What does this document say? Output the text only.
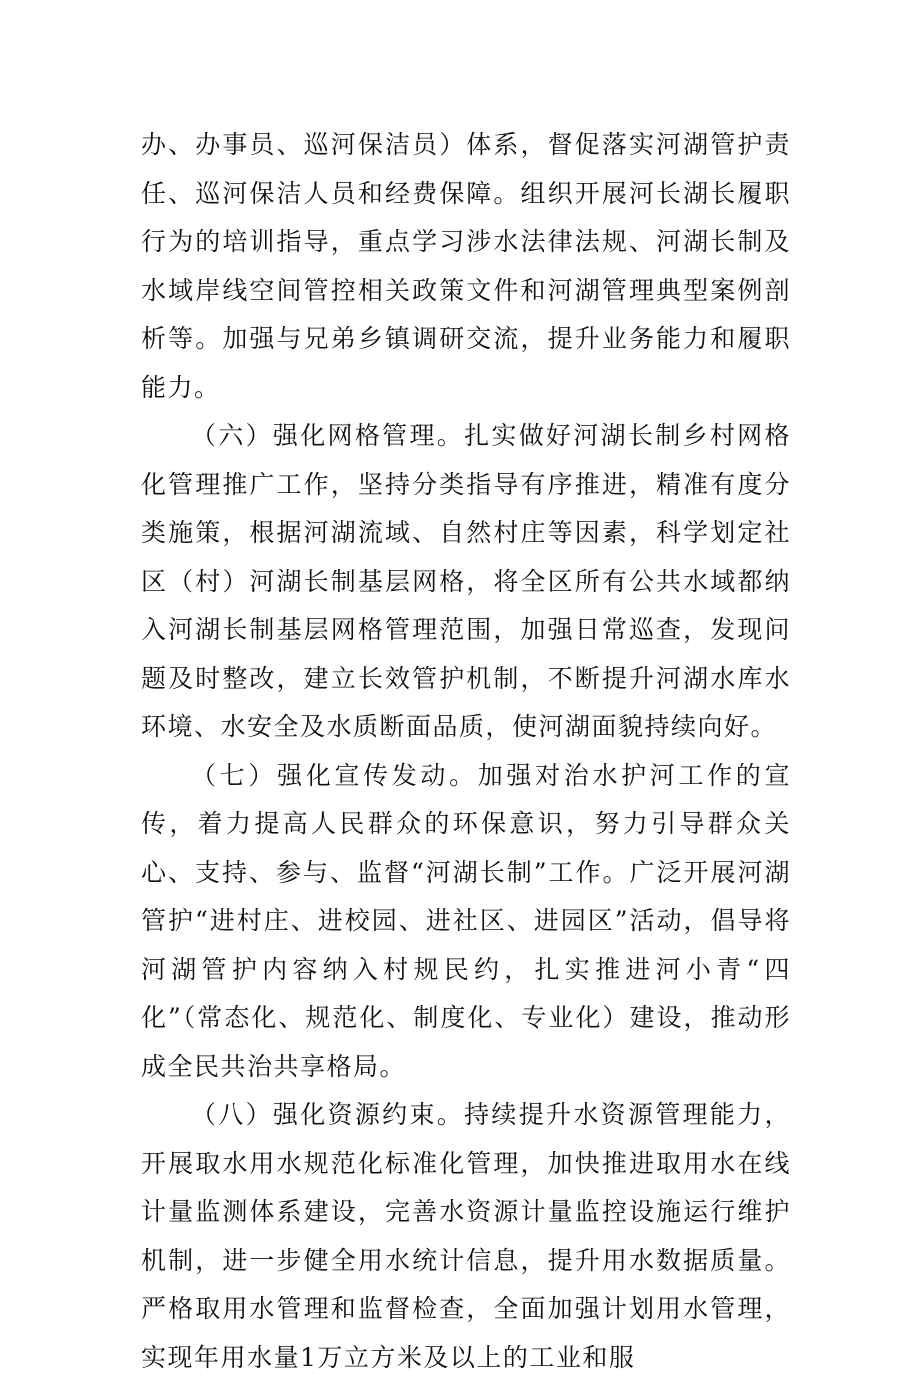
办、办事员、巡河保洁员）体系，督促落实河湖管护责任、巡河保洁人员和经费保障。组织开展河长湖长履职行为的培训指导，重点学习涉水法律法规、河湖长制及水域岸线空间管控相关政策文件和河湖管理典型案例剖析等。加强与兄弟乡镇调研交流，提升业务能力和履职能力。

（六）强化网格管理。扎实做好河湖长制乡村网格化管理推广工作，坚持分类指导有序推进，精准有度分类施策，根据河湖流域、自然村庄等因素，科学划定社区（村）河湖长制基层网格，将全区所有公共水域都纳入河湖长制基层网格管理范围，加强日常巡查，发现问题及时整改，建立长效管护机制，不断提升河湖水库水环境、水安全及水质断面品质，使河湖面貌持续向好。

（七）强化宣传发动。加强对治水护河工作的宣传，着力提高人民群众的环保意识，努力引导群众关心、支持、参与、监督“河湖长制”工作。广泛开展河湖管护“进村庄、进校园、进社区、进园区”活动，倡导将河湖管护内容纳入村规民约，扎实推进河小青“四化”（常态化、规范化、制度化、专业化）建设，推动形成全民共治共享格局。

（八）强化资源约束。持续提升水资源管理能力，开展取水用水规范化标准化管理，加快推进取用水在线计量监测体系建设，完善水资源计量监控设施运行维护机制，进一步健全用水统计信息，提升用水数据质量。严格取用水管理和监督检查，全面加强计划用水管理，实现年用水量1万立方米及以上的工业和服
